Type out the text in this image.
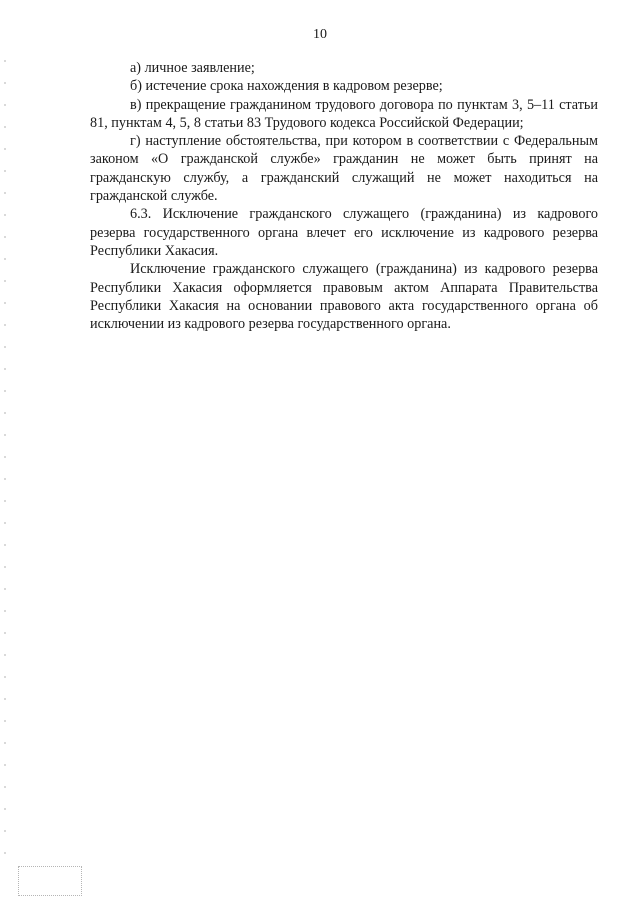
10

а) личное заявление;

б) истечение срока нахождения в кадровом резерве;

в) прекращение гражданином трудового договора по пунктам 3, 5–11 статьи 81, пунктам 4, 5, 8 статьи 83 Трудового кодекса Российской Федерации;

г) наступление обстоятельства, при котором в соответствии с Федеральным законом «О гражданской службе» гражданин не может быть принят на гражданскую службу, а гражданский служащий не может находиться на гражданской службе.

6.3. Исключение гражданского служащего (гражданина) из кадрового резерва государственного органа влечет его исключение из кадрового резерва Республики Хакасия.

Исключение гражданского служащего (гражданина) из кадрового резерва Республики Хакасия оформляется правовым актом Аппарата Правительства Республики Хакасия на основании правового акта государственного органа об исключении из кадрового резерва государственного органа.
